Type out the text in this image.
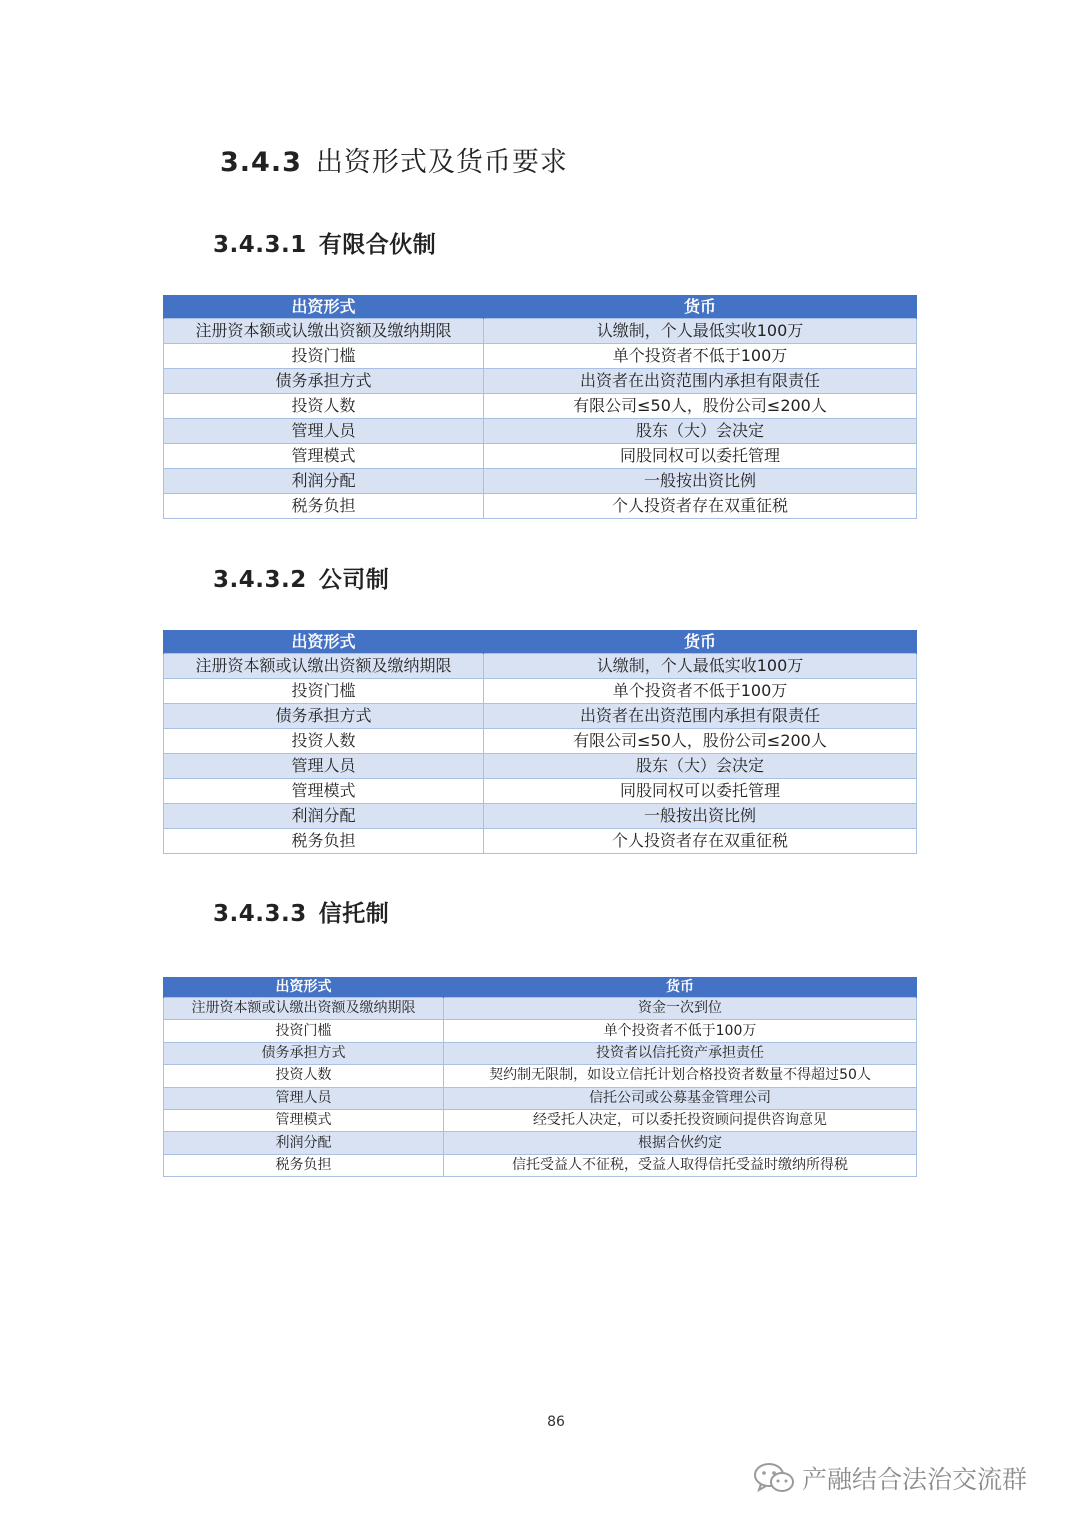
3.4.3 出资形式及货币要求
3.4.3.1 有限合伙制
出资形式	货币
注册资本额或认缴出资额及缴纳期限	认缴制，个人最低实收100万
投资门槛	单个投资者不低于100万
债务承担方式	出资者在出资范围内承担有限责任
投资人数	有限公司≤50人，股份公司≤200人
管理人员	股东（大）会决定
管理模式	同股同权可以委托管理
利润分配	一般按出资比例
税务负担	个人投资者存在双重征税
3.4.3.2 公司制
出资形式	货币
注册资本额或认缴出资额及缴纳期限	认缴制，个人最低实收100万
投资门槛	单个投资者不低于100万
债务承担方式	出资者在出资范围内承担有限责任
投资人数	有限公司≤50人，股份公司≤200人
管理人员	股东（大）会决定
管理模式	同股同权可以委托管理
利润分配	一般按出资比例
税务负担	个人投资者存在双重征税
3.4.3.3 信托制
出资形式	货币
注册资本额或认缴出资额及缴纳期限	资金一次到位
投资门槛	单个投资者不低于100万
债务承担方式	投资者以信托资产承担责任
投资人数	契约制无限制，如设立信托计划合格投资者数量不得超过50人
管理人员	信托公司或公募基金管理公司
管理模式	经受托人决定，可以委托投资顾问提供咨询意见
利润分配	根据合伙约定
税务负担	信托受益人不征税，受益人取得信托受益时缴纳所得税
86
产融结合法治交流群
